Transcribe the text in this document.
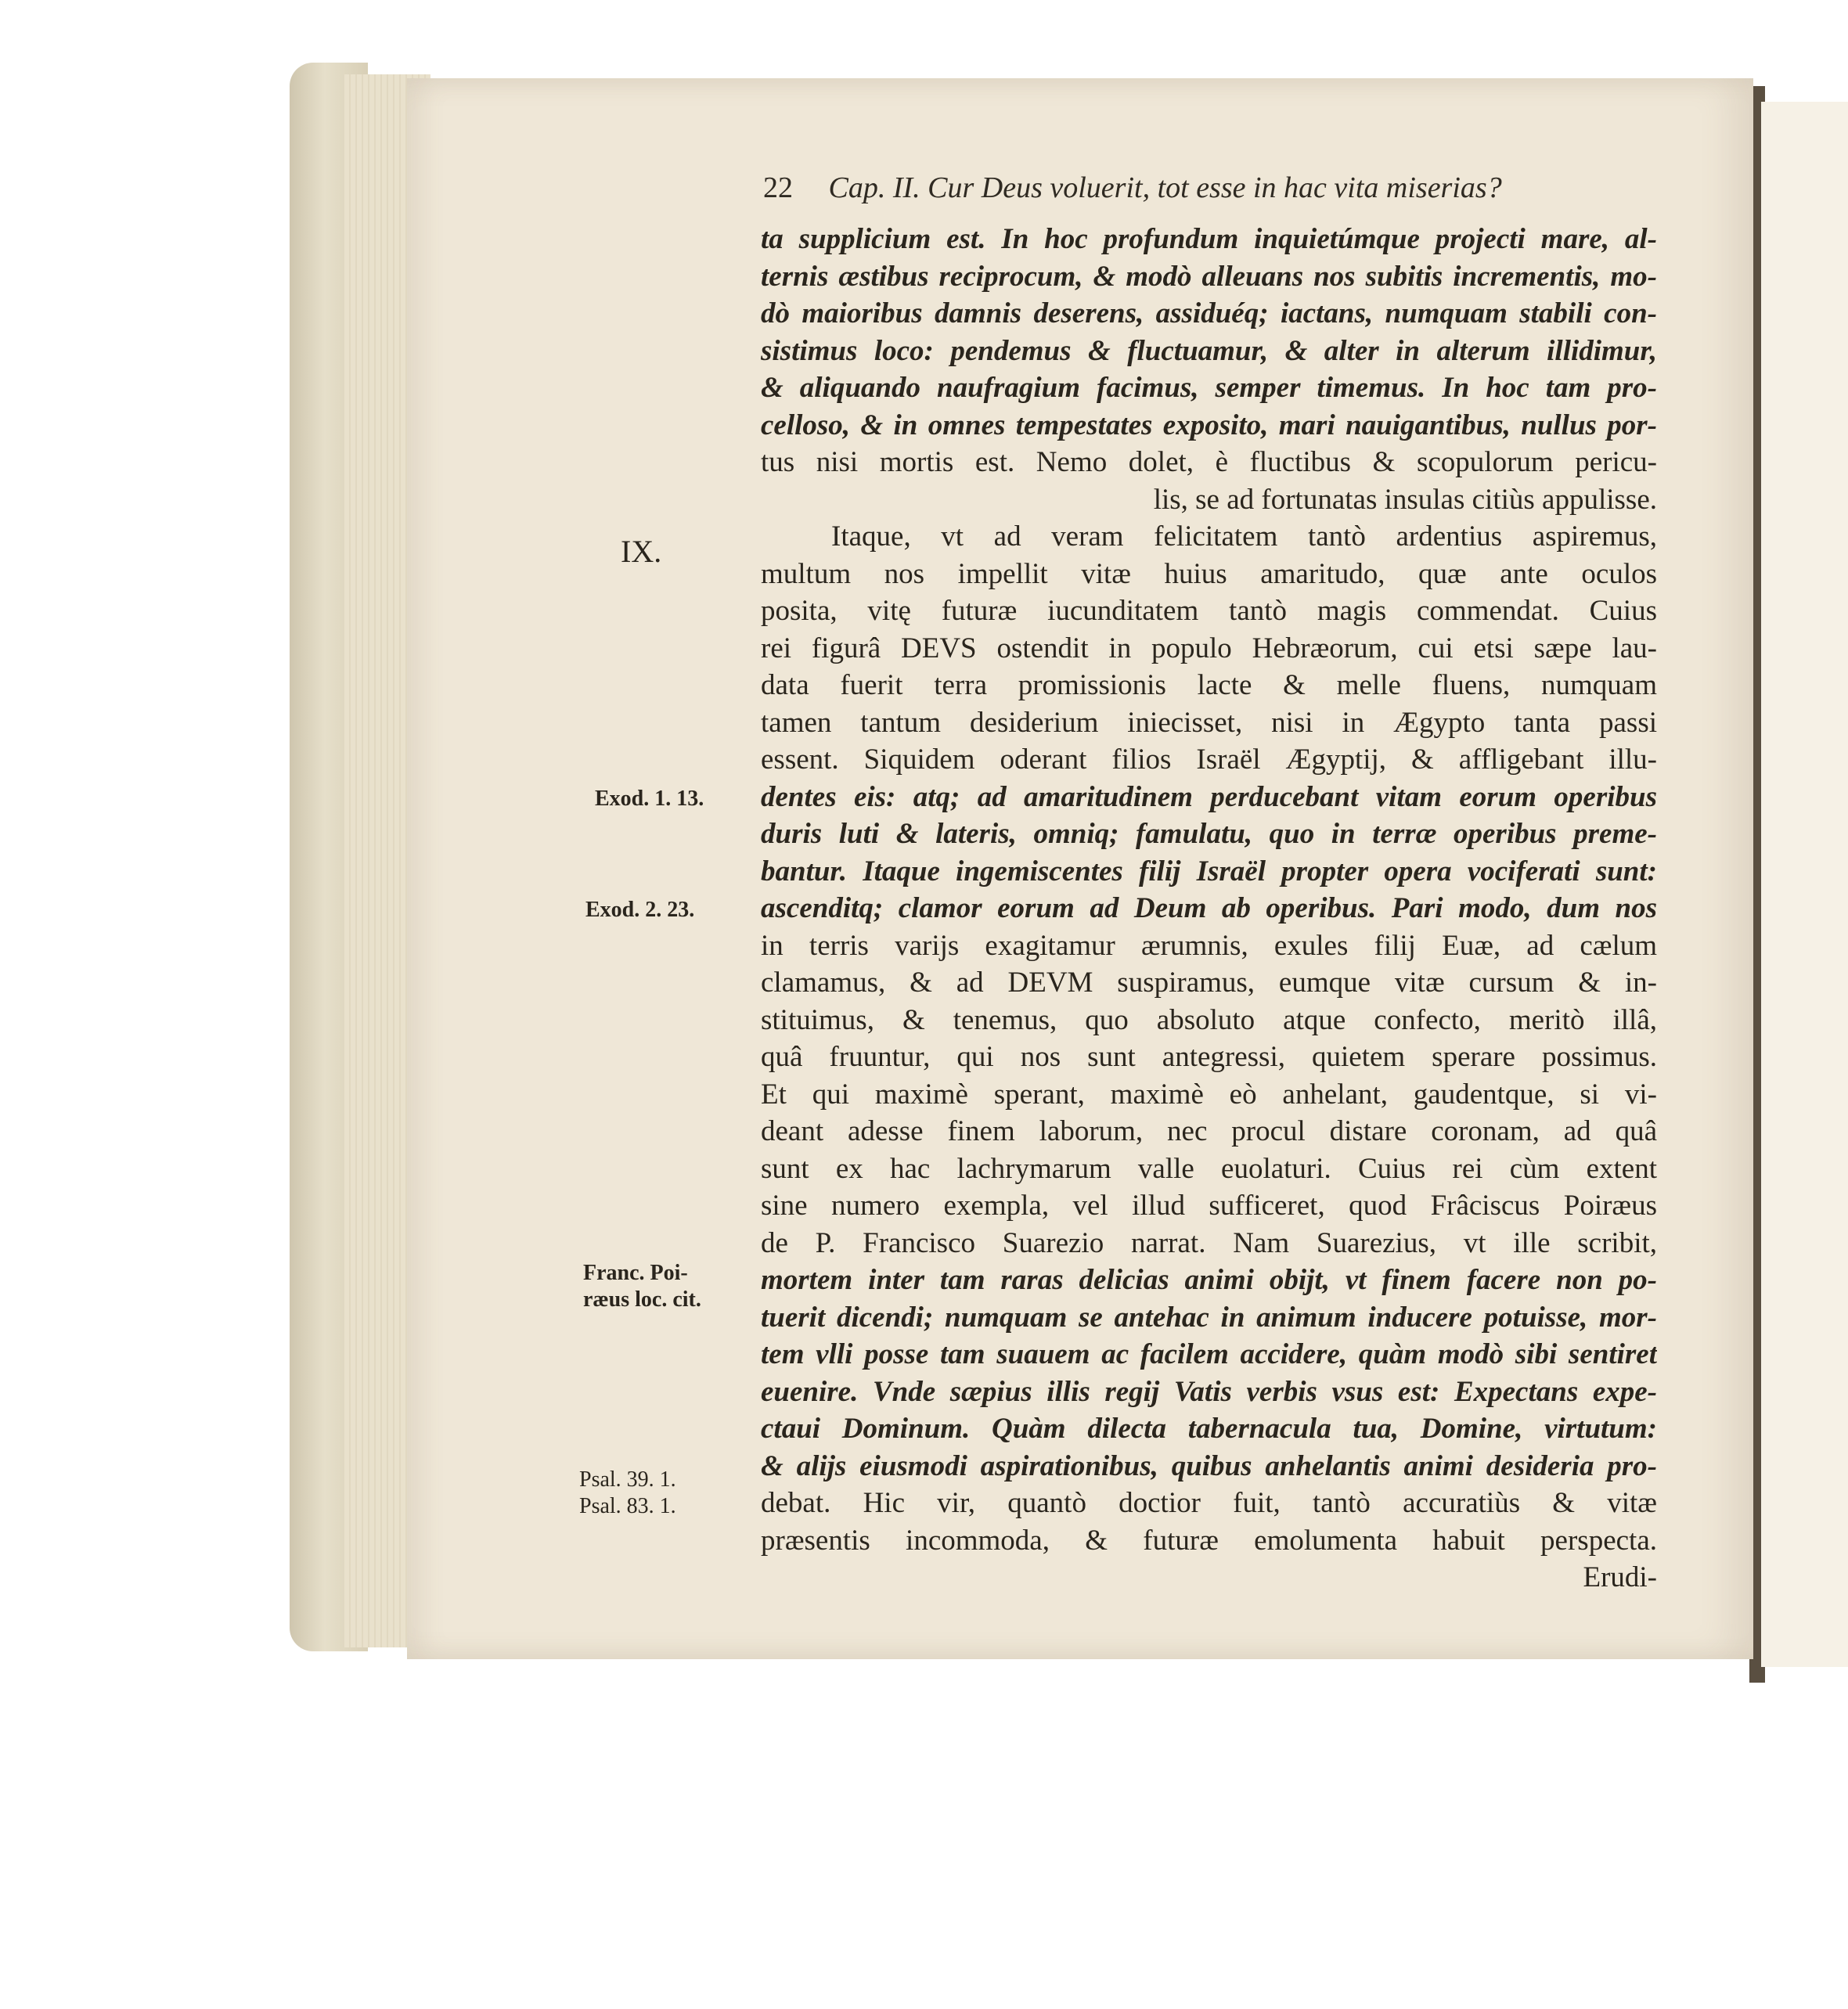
22 Cap. II. Cur Deus voluerit, tot esse in hac vita miserias?
ta supplicium est. In hoc profundum inquietúmque projecti mare, al-
ternis æstibus reciprocum, & modò alleuans nos subitis incrementis, mo-
dò maioribus damnis deserens, assiduéq; iactans, numquam stabili con-
sistimus loco: pendemus & fluctuamur, & alter in alterum illidimur,
& aliquando naufragium facimus, semper timemus. In hoc tam pro-
celloso, & in omnes tempestates exposito, mari nauigantibus, nullus por-
tus nisi mortis est. Nemo dolet, è fluctibus & scopulorum pericu-
lis, se ad fortunatas insulas citiùs appulisse.
Itaque, vt ad veram felicitatem tantò ardentius aspiremus,
multum nos impellit vitæ huius amaritudo, quæ ante oculos
posita, vitę futuræ iucunditatem tantò magis commendat. Cuius
rei figurâ DEVS ostendit in populo Hebræorum, cui etsi sæpe lau-
data fuerit terra promissionis lacte & melle fluens, numquam
tamen tantum desiderium iniecisset, nisi in Ægypto tanta passi
essent. Siquidem oderant filios Israël Ægyptij, & affligebant illu-
dentes eis: atq; ad amaritudinem perducebant vitam eorum operibus
duris luti & lateris, omniq; famulatu, quo in terræ operibus preme-
bantur. Itaque ingemiscentes filij Israël propter opera vociferati sunt:
ascenditq; clamor eorum ad Deum ab operibus. Pari modo, dum nos
in terris varijs exagitamur ærumnis, exules filij Euæ, ad cælum
clamamus, & ad DEVM suspiramus, eumque vitæ cursum & in-
stituimus, & tenemus, quo absoluto atque confecto, meritò illâ,
quâ fruuntur, qui nos sunt antegressi, quietem sperare possimus.
Et qui maximè sperant, maximè eò anhelant, gaudentque, si vi-
deant adesse finem laborum, nec procul distare coronam, ad quâ
sunt ex hac lachrymarum valle euolaturi. Cuius rei cùm extent
sine numero exempla, vel illud sufficeret, quod Frâciscus Poiræus
de P. Francisco Suarezio narrat. Nam Suarezius, vt ille scribit,
mortem inter tam raras delicias animi obijt, vt finem facere non po-
tuerit dicendi; numquam se antehac in animum inducere potuisse, mor-
tem vlli posse tam suauem ac facilem accidere, quàm modò sibi sentiret
euenire. Vnde sæpius illis regij Vatis verbis vsus est: Expectans expe-
ctaui Dominum. Quàm dilecta tabernacula tua, Domine, virtutum:
& alijs eiusmodi aspirationibus, quibus anhelantis animi desideria pro-
debat. Hic vir, quantò doctior fuit, tantò accuratiùs & vitæ
præsentis incommoda, & futuræ emolumenta habuit perspecta.
Erudi-
IX.
Exod. 1. 13.
Exod. 2. 23.
Franc. Poi-
ræus loc. cit.
Psal. 39. 1.
Psal. 83. 1.
